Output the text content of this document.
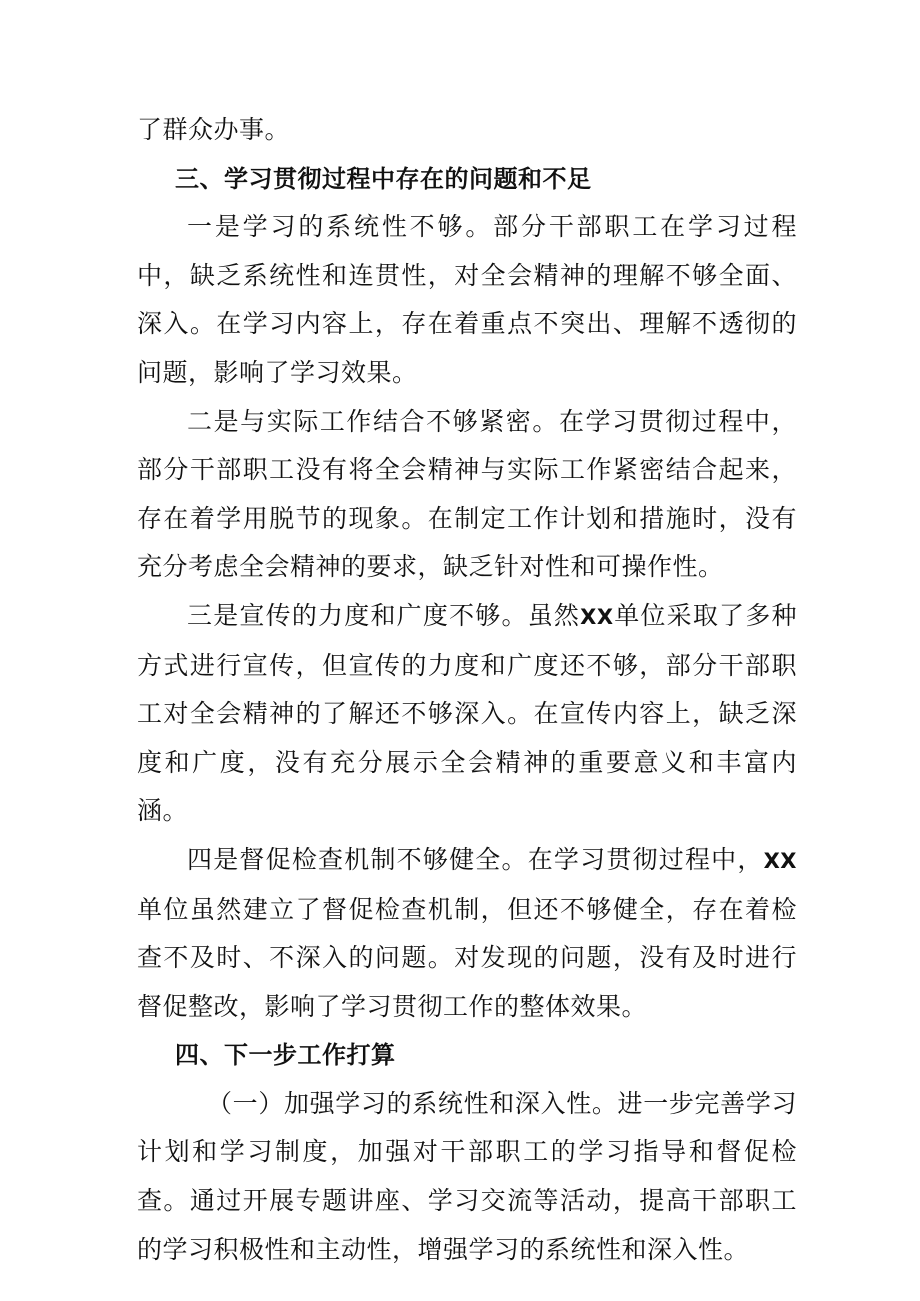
了群众办事。

三、学习贯彻过程中存在的问题和不足

一是学习的系统性不够。部分干部职工在学习过程中，缺乏系统性和连贯性，对全会精神的理解不够全面、深入。在学习内容上，存在着重点不突出、理解不透彻的问题，影响了学习效果。

二是与实际工作结合不够紧密。在学习贯彻过程中，部分干部职工没有将全会精神与实际工作紧密结合起来，存在着学用脱节的现象。在制定工作计划和措施时，没有充分考虑全会精神的要求，缺乏针对性和可操作性。

三是宣传的力度和广度不够。虽然XX单位采取了多种方式进行宣传，但宣传的力度和广度还不够，部分干部职工对全会精神的了解还不够深入。在宣传内容上，缺乏深度和广度，没有充分展示全会精神的重要意义和丰富内涵。

四是督促检查机制不够健全。在学习贯彻过程中，XX单位虽然建立了督促检查机制，但还不够健全，存在着检查不及时、不深入的问题。对发现的问题，没有及时进行督促整改，影响了学习贯彻工作的整体效果。

四、下一步工作打算

（一）加强学习的系统性和深入性。进一步完善学习计划和学习制度，加强对干部职工的学习指导和督促检查。通过开展专题讲座、学习交流等活动，提高干部职工的学习积极性和主动性，增强学习的系统性和深入性。
